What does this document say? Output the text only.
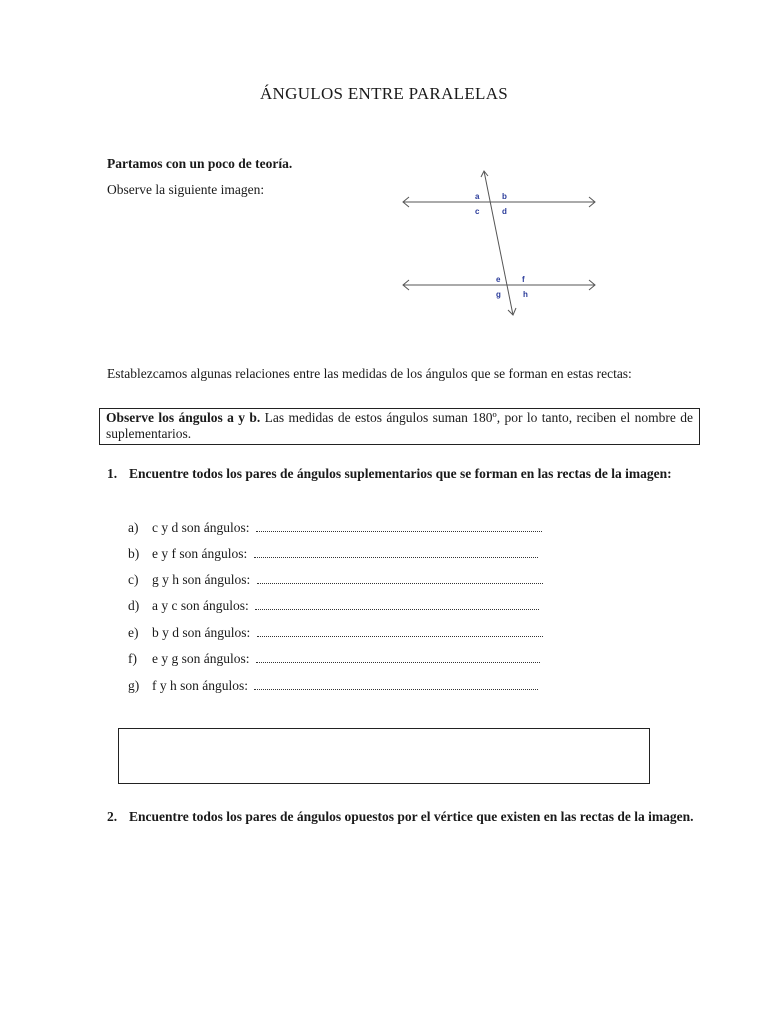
ÁNGULOS ENTRE PARALELAS
Partamos con un poco de teoría.
Observe la siguiente imagen:	a	b
c	d
e	f
g	h
Establezcamos algunas relaciones entre las medidas de los ángulos que se forman en estas rectas:
Observe los ángulos a y b. Las medidas de estos ángulos suman 180º, por lo tanto, reciben el nombre de suplementarios.
1. Encuentre todos los pares de ángulos suplementarios que se forman en las rectas de la imagen:
a) c y d son ángulos:
b) e y f son ángulos:
c) g y h son ángulos:
d) a y c son ángulos:
e) b y d son ángulos:
f) e y g son ángulos:
g) f y h son ángulos:
2. Encuentre todos los pares de ángulos opuestos por el vértice que existen en las rectas de la imagen.
